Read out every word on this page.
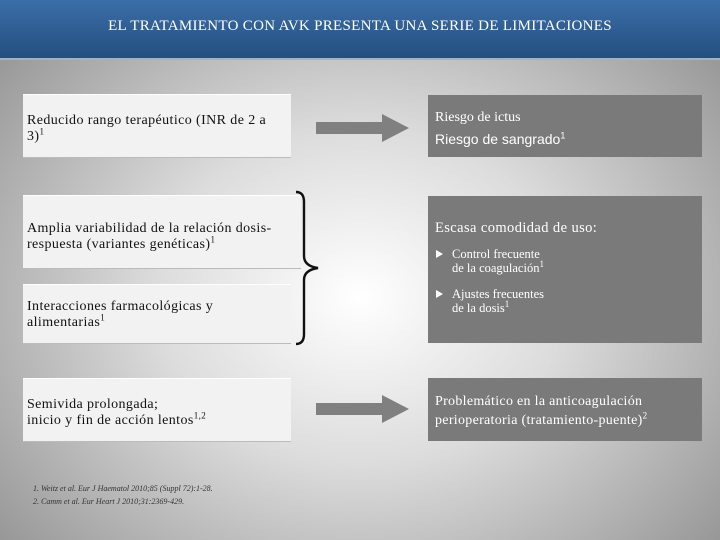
EL TRATAMIENTO CON AVK PRESENTA UNA SERIE DE LIMITACIONES
Reducido rango terapéutico (INR de 2 a 3)$^1$
Amplia variabilidad de la relación dosis-respuesta (variantes genéticas)$^1$
Interacciones farmacológicas y alimentarias$^1$
Semivida prolongada;
inicio y fin de acción lentos$^{1,2}$
Riesgo de ictus
Riesgo de sangrado$^1$
Escasa comodidad de uso:
Control frecuente
de la coagulación$^1$
Ajustes frecuentes
de la dosis$^1$
Problemático en la anticoagulación
perioperatoria (tratamiento-puente)$^2$
1. Weitz et al. Eur J Haematol 2010;85 (Suppl 72):1-28.
2. Camm et al. Eur Heart J 2010;31:2369-429.
